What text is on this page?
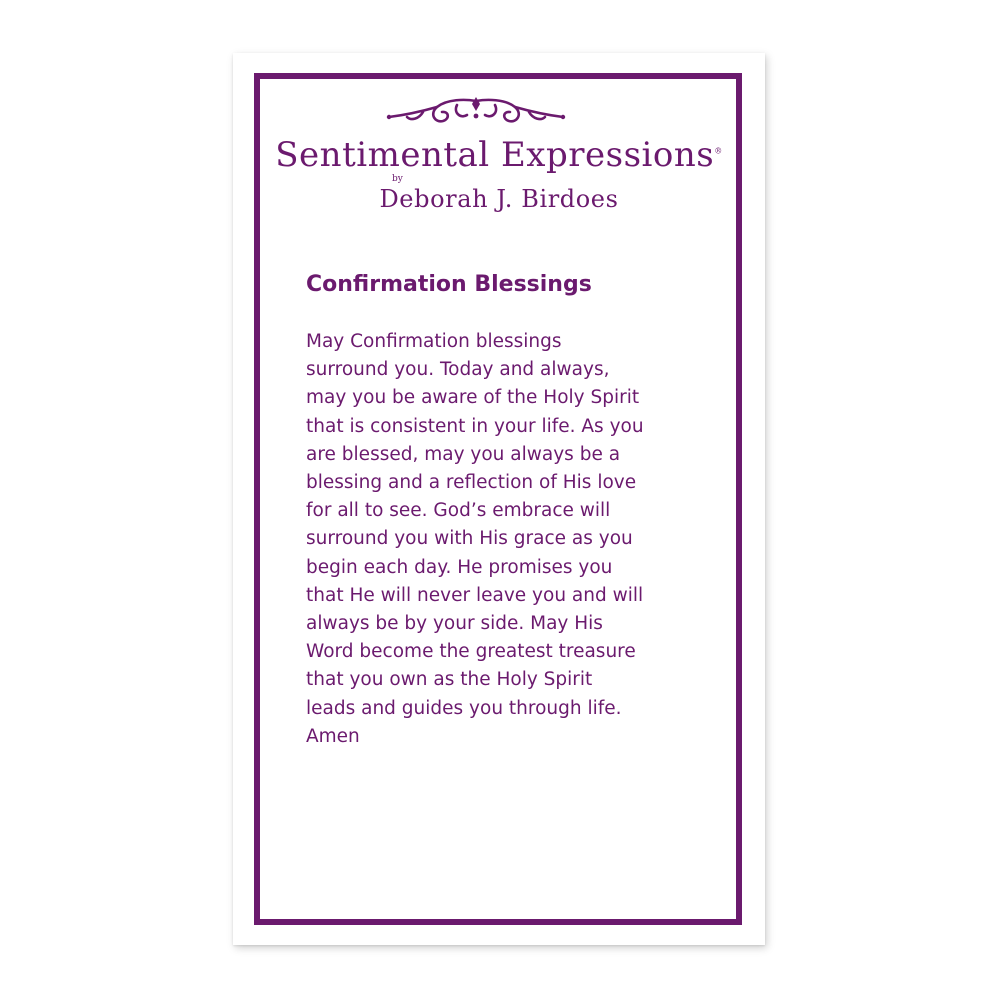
Sentimental Expressions®
by
Deborah J. Birdoes
Confirmation Blessings
May Confirmation blessings
surround you. Today and always,
may you be aware of the Holy Spirit
that is consistent in your life. As you
are blessed, may you always be a
blessing and a reflection of His love
for all to see. God’s embrace will
surround you with His grace as you
begin each day. He promises you
that He will never leave you and will
always be by your side. May His
Word become the greatest treasure
that you own as the Holy Spirit
leads and guides you through life.
Amen
